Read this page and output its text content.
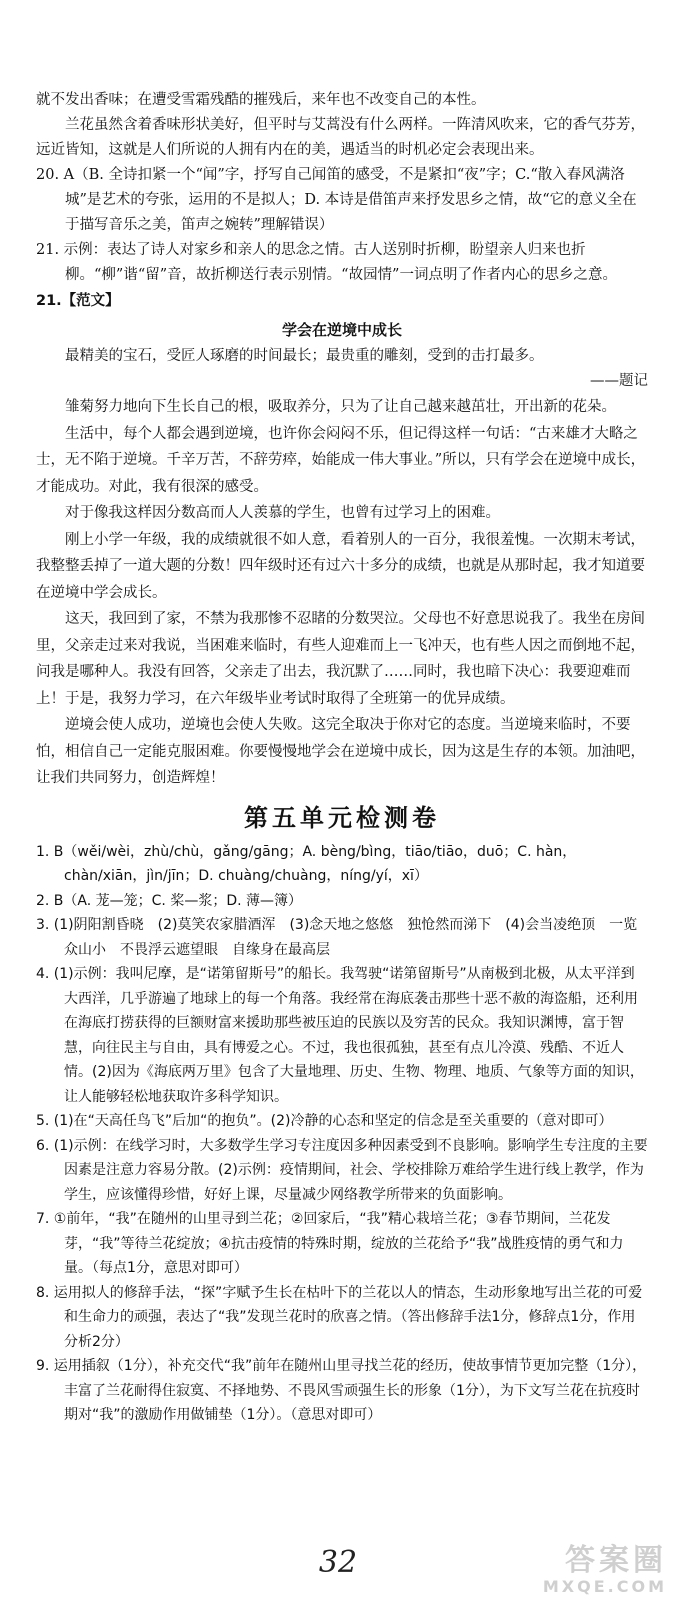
就不发出香味；在遭受雪霜残酷的摧残后，来年也不改变自己的本性。

兰花虽然含着香味形状美好，但平时与艾蒿没有什么两样。一阵清风吹来，它的香气芬芳，远近皆知，这就是人们所说的人拥有内在的美，遇适当的时机必定会表现出来。

20. A（B. 全诗扣紧一个“闻”字，抒写自己闻笛的感受，不是紧扣“夜”字；C.“散入春风满洛城”是艺术的夸张，运用的不是拟人；D. 本诗是借笛声来抒发思乡之情，故“它的意义全在于描写音乐之美，笛声之婉转”理解错误）

21. 示例：表达了诗人对家乡和亲人的思念之情。古人送别时折柳，盼望亲人归来也折柳。“柳”谐“留”音，故折柳送行表示别情。“故园情”一词点明了作者内心的思乡之意。

21.【范文】

学会在逆境中成长

最精美的宝石，受匠人琢磨的时间最长；最贵重的雕刻，受到的击打最多。

——题记

雏菊努力地向下生长自己的根，吸取养分，只为了让自己越来越茁壮，开出新的花朵。

生活中，每个人都会遇到逆境，也许你会闷闷不乐，但记得这样一句话：“古来雄才大略之士，无不陷于逆境。千辛万苦，不辞劳瘁，始能成一伟大事业。”所以，只有学会在逆境中成长，才能成功。对此，我有很深的感受。

对于像我这样因分数高而人人羡慕的学生，也曾有过学习上的困难。

刚上小学一年级，我的成绩就很不如人意，看着别人的一百分，我很羞愧。一次期末考试，我整整丢掉了一道大题的分数！四年级时还有过六十多分的成绩，也就是从那时起，我才知道要在逆境中学会成长。

这天，我回到了家，不禁为我那惨不忍睹的分数哭泣。父母也不好意思说我了。我坐在房间里，父亲走过来对我说，当困难来临时，有些人迎难而上一飞冲天，也有些人因之而倒地不起，问我是哪种人。我没有回答，父亲走了出去，我沉默了……同时，我也暗下决心：我要迎难而上！于是，我努力学习，在六年级毕业考试时取得了全班第一的优异成绩。

逆境会使人成功，逆境也会使人失败。这完全取决于你对它的态度。当逆境来临时，不要怕，相信自己一定能克服困难。你要慢慢地学会在逆境中成长，因为这是生存的本领。加油吧，让我们共同努力，创造辉煌！

第五单元检测卷

1. B（wěi/wèi，zhù/chù，gǎng/gāng；A. bèng/bìng，tiāo/tiāo，duō；C. hàn，chàn/xiān，jìn/jīn；D. chuàng/chuàng，níng/yí，xī）

2. B（A. 茏—笼；C. 桨—浆；D. 薄—簿）

3. (1)阴阳割昏晓　(2)莫笑农家腊酒浑　(3)念天地之悠悠　独怆然而涕下　(4)会当凌绝顶　一览众山小　不畏浮云遮望眼　自缘身在最高层

4. (1)示例：我叫尼摩，是“诺第留斯号”的船长。我驾驶“诺第留斯号”从南极到北极，从太平洋到大西洋，几乎游遍了地球上的每一个角落。我经常在海底袭击那些十恶不赦的海盗船，还利用在海底打捞获得的巨额财富来援助那些被压迫的民族以及穷苦的民众。我知识渊博，富于智慧，向往民主与自由，具有博爱之心。不过，我也很孤独，甚至有点儿冷漠、残酷、不近人情。(2)因为《海底两万里》包含了大量地理、历史、生物、物理、地质、气象等方面的知识，让人能够轻松地获取许多科学知识。

5. (1)在“天高任鸟飞”后加“的抱负”。(2)冷静的心态和坚定的信念是至关重要的（意对即可）

6. (1)示例：在线学习时，大多数学生学习专注度因多种因素受到不良影响。影响学生专注度的主要因素是注意力容易分散。(2)示例：疫情期间，社会、学校排除万难给学生进行线上教学，作为学生，应该懂得珍惜，好好上课，尽量减少网络教学所带来的负面影响。

7. ①前年，“我”在随州的山里寻到兰花；②回家后，“我”精心栽培兰花；③春节期间，兰花发芽，“我”等待兰花绽放；④抗击疫情的特殊时期，绽放的兰花给予“我”战胜疫情的勇气和力量。（每点1分，意思对即可）

8. 运用拟人的修辞手法，“探”字赋予生长在枯叶下的兰花以人的情态，生动形象地写出兰花的可爱和生命力的顽强，表达了“我”发现兰花时的欣喜之情。（答出修辞手法1分，修辞点1分，作用分析2分）

9. 运用插叙（1分），补充交代“我”前年在随州山里寻找兰花的经历，使故事情节更加完整（1分），丰富了兰花耐得住寂寞、不择地势、不畏风雪顽强生长的形象（1分），为下文写兰花在抗疫时期对“我”的激励作用做铺垫（1分）。（意思对即可）

32	答案圈
MXQE.COM
